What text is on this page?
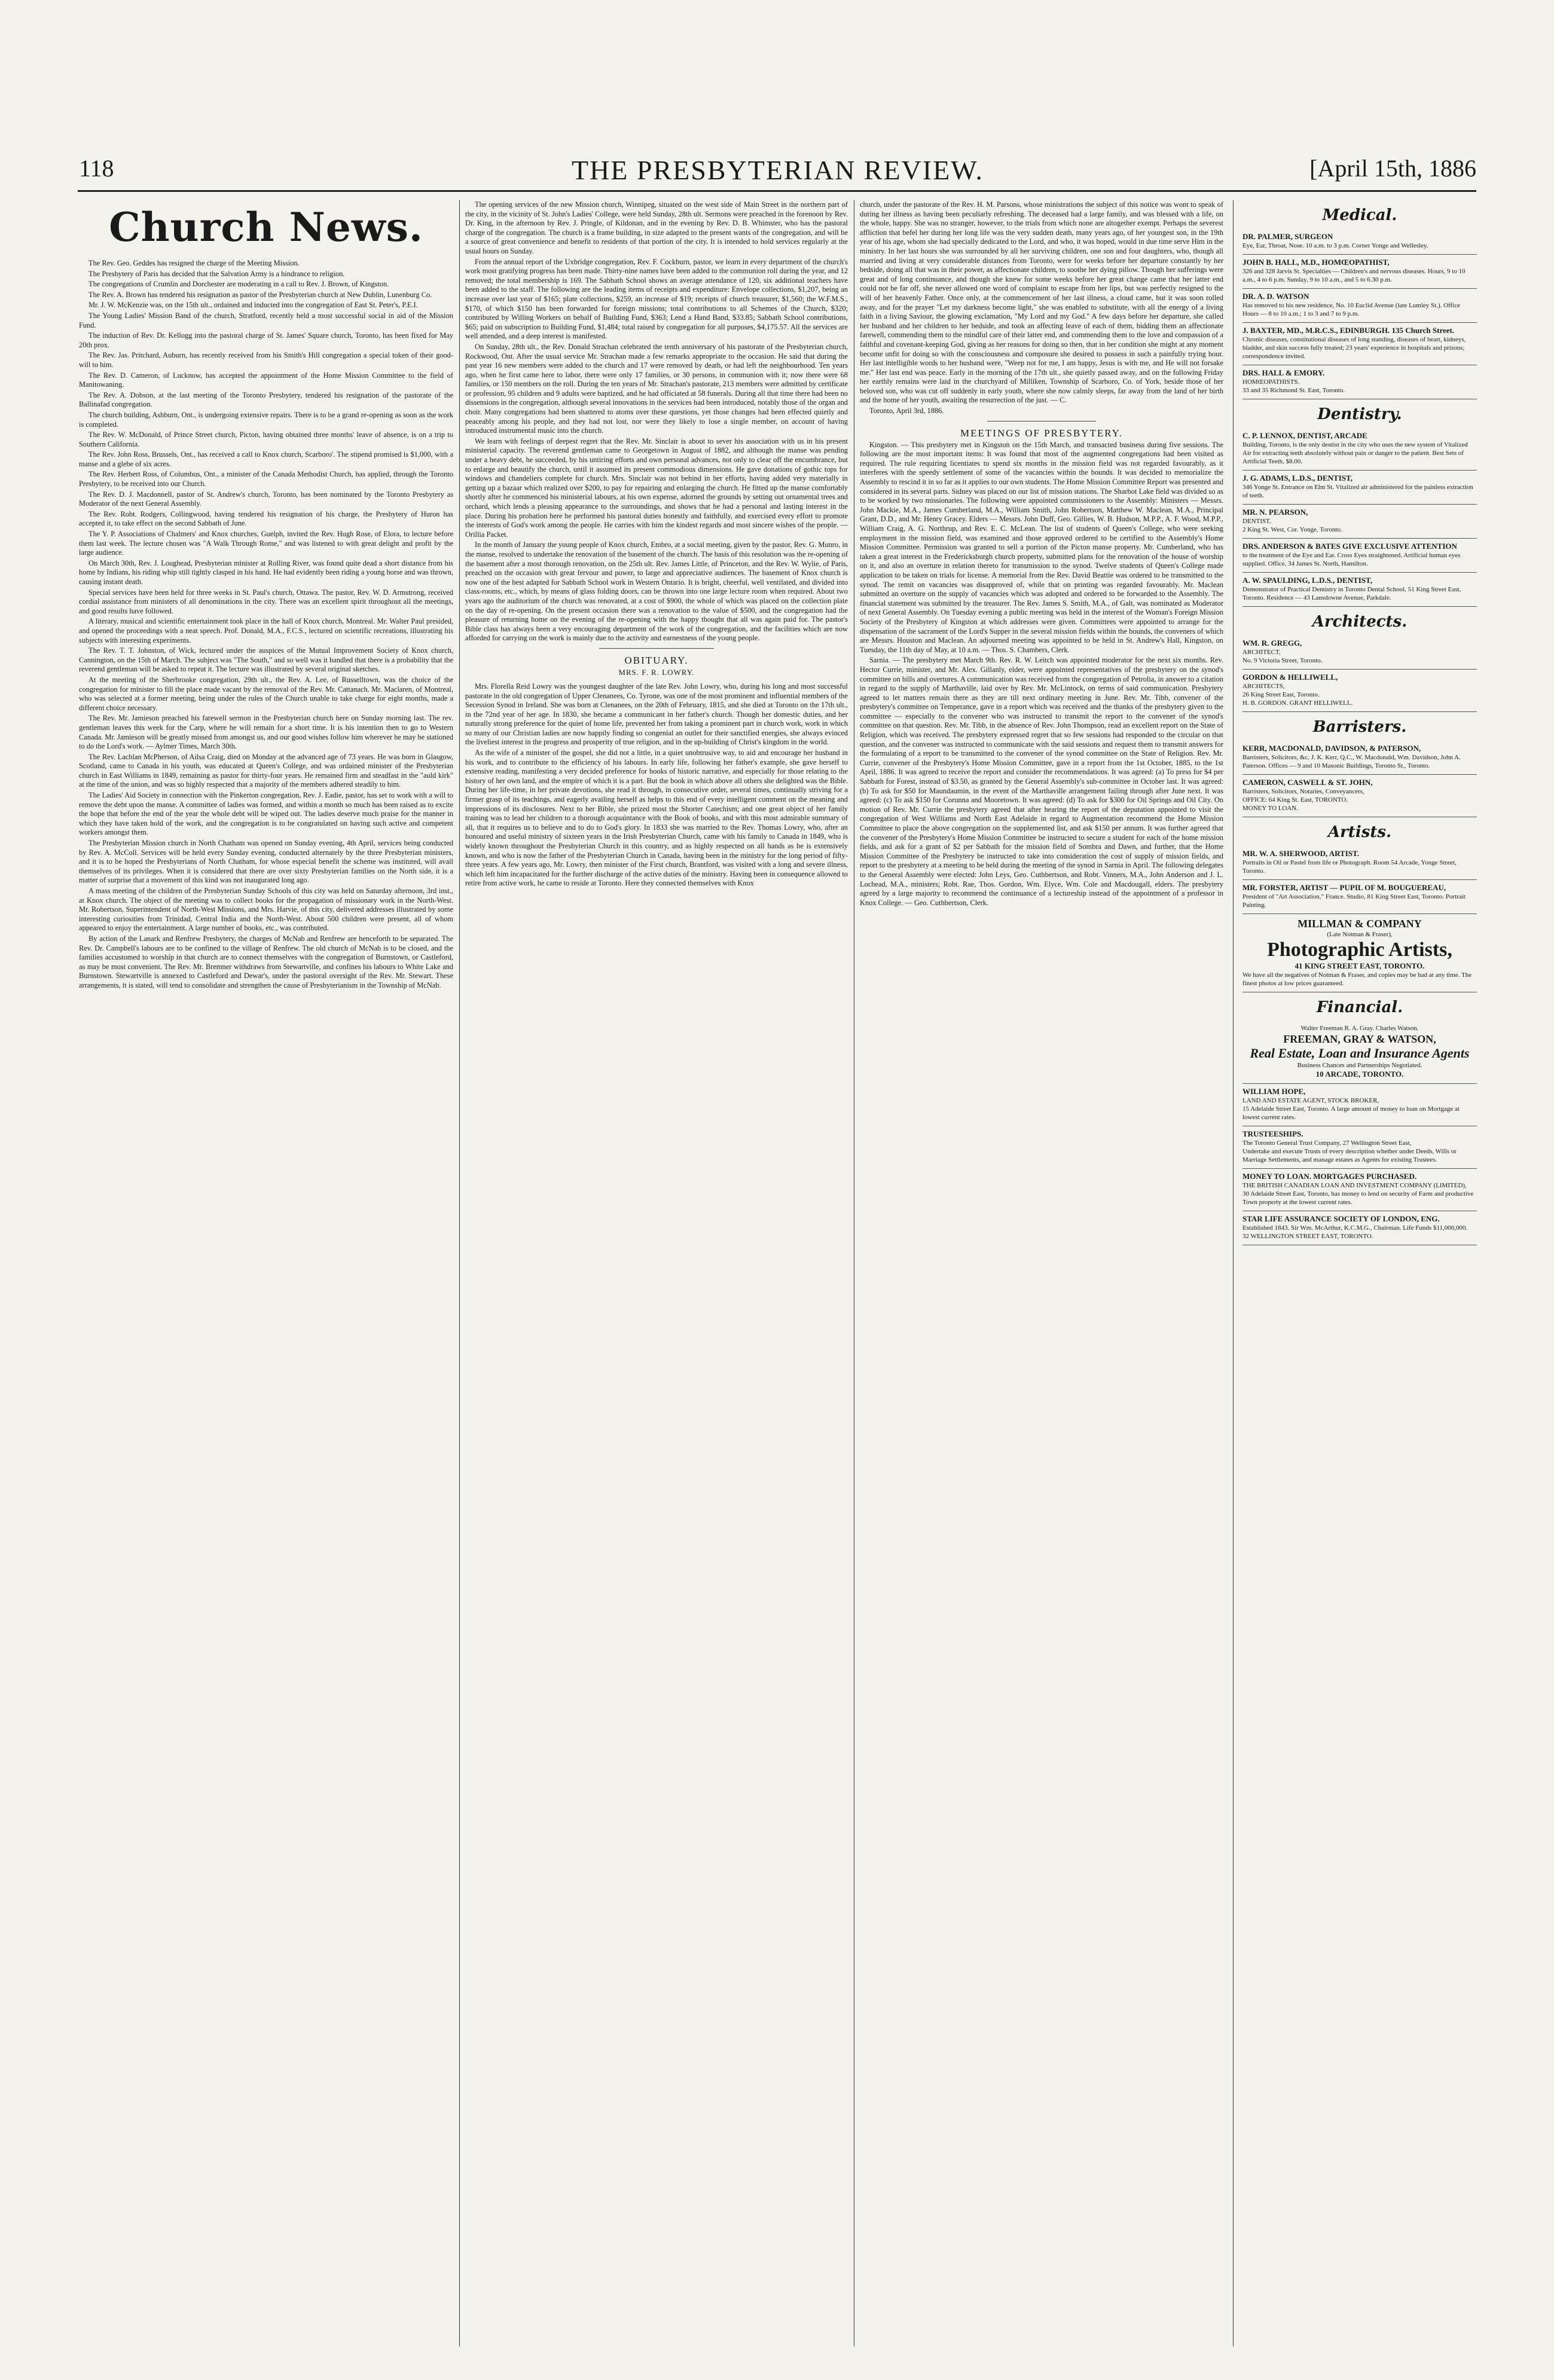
118	THE PRESBYTERIAN REVIEW.	[April 15th, 1886
Church News.

The Rev. Geo. Geddes has resigned the charge of the Meeting Mission.

The Presbytery of Paris has decided that the Salvation Army is a hindrance to religion.

The congregations of Crumlin and Dorchester are moderating in a call to Rev. J. Brown, of Kingston.

The Rev. A. Brown has tendered his resignation as pastor of the Presbyterian church at New Dublin, Lunenburg Co.

Mr. J. W. McKenzie was, on the 15th ult., ordained and inducted into the congregation of East St. Peter's, P.E.I.

The Young Ladies' Mission Band of the church, Stratford, recently held a most successful social in aid of the Mission Fund.

The induction of Rev. Dr. Kellogg into the pastoral charge of St. James' Square church, Toronto, has been fixed for May 20th prox.

The Rev. Jas. Pritchard, Auburn, has recently received from his Smith's Hill congregation a special token of their good-will to him.

The Rev. D. Cameron, of Lucknow, has accepted the appointment of the Home Mission Committee to the field of Manitowaning.

The Rev. A. Dobson, at the last meeting of the Toronto Presbytery, tendered his resignation of the pastorate of the Ballinafad congregation.

The church building, Ashburn, Ont., is undergoing extensive repairs. There is to be a grand re-opening as soon as the work is completed.

The Rev. W. McDonald, of Prince Street church, Picton, having obtained three months' leave of absence, is on a trip to Southern California.

The Rev. John Ross, Brussels, Ont., has received a call to Knox church, Scarboro'. The stipend promised is $1,000, with a manse and a glebe of six acres.

The Rev. Herbert Ross, of Columbus, Ont., a minister of the Canada Methodist Church, has applied, through the Toronto Presbytery, to be received into our Church.

The Rev. D. J. Macdonnell, pastor of St. Andrew's church, Toronto, has been nominated by the Toronto Presbytery as Moderator of the next General Assembly.

The Rev. Robt. Rodgers, Collingwood, having tendered his resignation of his charge, the Presbytery of Huron has accepted it, to take effect on the second Sabbath of June.

The Y. P. Associations of Chalmers' and Knox churches, Guelph, invited the Rev. Hugh Rose, of Elora, to lecture before them last week. The lecture chosen was "A Walk Through Rome," and was listened to with great delight and profit by the large audience.

On March 30th, Rev. J. Loughead, Presbyterian minister at Rolling River, was found quite dead a short distance from his home by Indians, his riding whip still tightly clasped in his hand. He had evidently been riding a young horse and was thrown, causing instant death.

Special services have been held for three weeks in St. Paul's church, Ottawa. The pastor, Rev. W. D. Armstrong, received cordial assistance from ministers of all denominations in the city. There was an excellent spirit throughout all the meetings, and good results have followed.

A literary, musical and scientific entertainment took place in the hall of Knox church, Montreal. Mr. Walter Paul presided, and opened the proceedings with a neat speech. Prof. Donald, M.A., F.C.S., lectured on scientific recreations, illustrating his subjects with interesting experiments.

The Rev. T. T. Johnston, of Wick, lectured under the auspices of the Mutual Improvement Society of Knox church, Cannington, on the 15th of March. The subject was "The South," and so well was it handled that there is a probability that the reverend gentleman will be asked to repeat it. The lecture was illustrated by several original sketches.

At the meeting of the Sherbrooke congregation, 29th ult., the Rev. A. Lee, of Russelltown, was the choice of the congregation for minister to fill the place made vacant by the removal of the Rev. Mr. Cattanach. Mr. Maclaren, of Montreal, who was selected at a former meeting, being under the rules of the Church unable to take charge for eight months, made a different choice necessary.

The Rev. Mr. Jamieson preached his farewell sermon in the Presbyterian church here on Sunday morning last. The rev. gentleman leaves this week for the Carp, where he will remain for a short time. It is his intention then to go to Western Canada. Mr. Jamieson will be greatly missed from amongst us, and our good wishes follow him wherever he may be stationed to do the Lord's work. — Aylmer Times, March 30th.

The Rev. Lachlan McPherson, of Ailsa Craig, died on Monday at the advanced age of 73 years. He was born in Glasgow, Scotland, came to Canada in his youth, was educated at Queen's College, and was ordained minister of the Presbyterian church in East Williams in 1849, remaining as pastor for thirty-four years. He remained firm and steadfast in the "auld kirk" at the time of the union, and was so highly respected that a majority of the members adhered steadily to him.

The Ladies' Aid Society in connection with the Pinkerton congregation, Rev. J. Eadie, pastor, has set to work with a will to remove the debt upon the manse. A committee of ladies was formed, and within a month so much has been raised as to excite the hope that before the end of the year the whole debt will be wiped out. The ladies deserve much praise for the manner in which they have taken hold of the work, and the congregation is to be congratulated on having such active and competent workers amongst them.

The Presbyterian Mission church in North Chatham was opened on Sunday evening, 4th April, services being conducted by Rev. A. McColl. Services will be held every Sunday evening, conducted alternately by the three Presbyterian ministers, and it is to be hoped the Presbyterians of North Chatham, for whose especial benefit the scheme was instituted, will avail themselves of its privileges. When it is considered that there are over sixty Presbyterian families on the North side, it is a matter of surprise that a movement of this kind was not inaugurated long ago.

A mass meeting of the children of the Presbyterian Sunday Schools of this city was held on Saturday afternoon, 3rd inst., at Knox church. The object of the meeting was to collect books for the propagation of missionary work in the North-West. Mr. Robertson, Superintendent of North-West Missions, and Mrs. Harvie, of this city, delivered addresses illustrated by some interesting curiosities from Trinidad, Central India and the North-West. About 500 children were present, all of whom appeared to enjoy the entertainment. A large number of books, etc., was contributed.

By action of the Lanark and Renfrew Presbytery, the charges of McNab and Renfrew are henceforth to be separated. The Rev. Dr. Campbell's labours are to be confined to the village of Renfrew. The old church of McNab is to be closed, and the families accustomed to worship in that church are to connect themselves with the congregation of Burnstown, or Castleford, as may be most convenient. The Rev. Mr. Bremner withdraws from Stewartville, and confines his labours to White Lake and Burnstown. Stewartville is annexed to Castleford and Dewar's, under the pastoral oversight of the Rev. Mr. Stewart. These arrangements, it is stated, will tend to consolidate and strengthen the cause of Presbyterianism in the Township of McNab.

The opening services of the new Mission church, Winnipeg, situated on the west side of Main Street in the northern part of the city, in the vicinity of St. John's Ladies' College, were held Sunday, 28th ult. Sermons were preached in the forenoon by Rev. Dr. King, in the afternoon by Rev. J. Pringle, of Kildonan, and in the evening by Rev. D. B. Whimster, who has the pastoral charge of the congregation. The church is a frame building, in size adapted to the present wants of the congregation, and will be a source of great convenience and benefit to residents of that portion of the city. It is intended to hold services regularly at the usual hours on Sunday.

From the annual report of the Uxbridge congregation, Rev. F. Cockburn, pastor, we learn in every department of the church's work most gratifying progress has been made. Thirty-nine names have been added to the communion roll during the year, and 12 removed; the total membership is 169. The Sabbath School shows an average attendance of 120, six additional teachers have been added to the staff. The following are the leading items of receipts and expenditure: Envelope collections, $1,207, being an increase over last year of $165; plate collections, $259, an increase of $19; receipts of church treasurer, $1,560; the W.F.M.S., $170, of which $150 has been forwarded for foreign missions; total contributions to all Schemes of the Church, $320; contributed by Willing Workers on behalf of Building Fund, $363; Lend a Hand Band, $33.85; Sabbath School contributions, $65; paid on subscription to Building Fund, $1,484; total raised by congregation for all purposes, $4,175.57. All the services are well attended, and a deep interest is manifested.

On Sunday, 28th ult., the Rev. Donald Strachan celebrated the tenth anniversary of his pastorate of the Presbyterian church, Rockwood, Ont. After the usual service Mr. Strachan made a few remarks appropriate to the occasion. He said that during the past year 16 new members were added to the church and 17 were removed by death, or had left the neighbourhood. Ten years ago, when he first came here to labor, there were only 17 families, or 30 persons, in communion with it; now there were 68 families, or 150 members on the roll. During the ten years of Mr. Strachan's pastorate, 213 members were admitted by certificate or profession, 95 children and 9 adults were baptized, and he had officiated at 58 funerals. During all that time there had been no dissensions in the congregation, although several innovations in the services had been introduced, notably those of the organ and choir. Many congregations had been shattered to atoms over these questions, yet those changes had been effected quietly and peaceably among his people, and they had not lost, nor were they likely to lose a single member, on account of having introduced instrumental music into the church.

We learn with feelings of deepest regret that the Rev. Mr. Sinclair is about to sever his association with us in his present ministerial capacity. The reverend gentleman came to Georgetown in August of 1882, and although the manse was pending under a heavy debt, he succeeded, by his untiring efforts and own personal advances, not only to clear off the encumbrance, but to enlarge and beautify the church, until it assumed its present commodious dimensions. He gave donations of gothic tops for windows and chandeliers complete for church. Mrs. Sinclair was not behind in her efforts, having added very materially in getting up a bazaar which realized over $200, to pay for repairing and enlarging the church. He fitted up the manse comfortably shortly after he commenced his ministerial labours, at his own expense, adorned the grounds by setting out ornamental trees and orchard, which lends a pleasing appearance to the surroundings, and shows that he had a personal and lasting interest in the place. During his probation here he performed his pastoral duties honestly and faithfully, and exercised every effort to promote the interests of God's work among the people. He carries with him the kindest regards and most sincere wishes of the people. — Orillia Packet.

In the month of January the young people of Knox church, Embro, at a social meeting, given by the pastor, Rev. G. Munro, in the manse, resolved to undertake the renovation of the basement of the church. The basis of this resolution was the re-opening of the basement after a most thorough renovation, on the 25th ult. Rev. James Little, of Princeton, and the Rev. W. Wylie, of Paris, preached on the occasion with great fervour and power, to large and appreciative audiences. The basement of Knox church is now one of the best adapted for Sabbath School work in Western Ontario. It is bright, cheerful, well ventilated, and divided into class-rooms, etc., which, by means of glass folding doors, can be thrown into one large lecture room when required. About two years ago the auditorium of the church was renovated, at a cost of $900, the whole of which was placed on the collection plate on the day of re-opening. On the present occasion there was a renovation to the value of $500, and the congregation had the pleasure of returning home on the evening of the re-opening with the happy thought that all was again paid for. The pastor's Bible class has always been a very encouraging department of the work of the congregation, and the facilities which are now afforded for carrying on the work is mainly due to the activity and earnestness of the young people.

OBITUARY.
MRS. F. R. LOWRY.

Mrs. Florella Reid Lowry was the youngest daughter of the late Rev. John Lowry, who, during his long and most successful pastorate in the old congregation of Upper Clenanees, Co. Tyrone, was one of the most prominent and influential members of the Secession Synod in Ireland. She was born at Clenanees, on the 20th of February, 1815, and she died at Toronto on the 17th ult., in the 72nd year of her age. In 1830, she became a communicant in her father's church. Though her domestic duties, and her naturally strong preference for the quiet of home life, prevented her from taking a prominent part in church work, work in which so many of our Christian ladies are now happily finding so congenial an outlet for their sanctified energies, she always evinced the liveliest interest in the progress and prosperity of true religion, and in the up-building of Christ's kingdom in the world.

As the wife of a minister of the gospel, she did not a little, in a quiet unobtrusive way, to aid and encourage her husband in his work, and to contribute to the efficiency of his labours. In early life, following her father's example, she gave herself to extensive reading, manifesting a very decided preference for books of historic narrative, and especially for those relating to the history of her own land, and the empire of which it is a part. But the book in which above all others she delighted was the Bible. During her life-time, in her private devotions, she read it through, in consecutive order, several times, continually striving for a firmer grasp of its teachings, and eagerly availing herself as helps to this end of every intelligent comment on the meaning and impressions of its disclosures. Next to her Bible, she prized most the Shorter Catechism; and one great object of her family training was to lead her children to a thorough acquaintance with the Book of books, and with this most admirable summary of all, that it requires us to believe and to do to God's glory. In 1833 she was married to the Rev. Thomas Lowry, who, after an honoured and useful ministry of sixteen years in the Irish Presbyterian Church, came with his family to Canada in 1849, who is widely known throughout the Presbyterian Church in this country, and as highly respected on all hands as he is extensively known, and who is now the father of the Presbyterian Church in Canada, having been in the ministry for the long period of fifty-three years. A few years ago, Mr. Lowry, then minister of the First church, Brantford, was visited with a long and severe illness, which left him incapacitated for the further discharge of the active duties of the ministry. Having been in consequence allowed to retire from active work, he came to reside at Toronto. Here they connected themselves with Knox

church, under the pastorate of the Rev. H. M. Parsons, whose ministrations the subject of this notice was wont to speak of during her illness as having been peculiarly refreshing. The deceased had a large family, and was blessed with a life, on the whole, happy. She was no stranger, however, to the trials from which none are altogether exempt. Perhaps the severest affliction that befel her during her long life was the very sudden death, many years ago, of her youngest son, in the 19th year of his age, whom she had specially dedicated to the Lord, and who, it was hoped, would in due time serve Him in the ministry. In her last hours she was surrounded by all her surviving children, one son and four daughters, who, though all married and living at very considerable distances from Toronto, were for weeks before her departure constantly by her bedside, doing all that was in their power, as affectionate children, to soothe her dying pillow. Though her sufferings were great and of long continuance, and though she knew for some weeks before her great change came that her latter end could not be far off, she never allowed one word of complaint to escape from her lips, but was perfectly resigned to the will of her heavenly Father. Once only, at the commencement of her last illness, a cloud came, but it was soon rolled away, and for the prayer "Let my darkness become light," she was enabled to substitute, with all the energy of a living faith in a living Saviour, the glowing exclamation, "My Lord and my God." A few days before her departure, she called her husband and her children to her bedside, and took an affecting leave of each of them, bidding them an affectionate farewell, commending them to the mindful care of their latter end, and commending them to the love and compassion of a faithful and covenant-keeping God, giving as her reasons for doing so then, that in her condition she might at any moment become unfit for doing so with the consciousness and composure she desired to possess in such a painfully trying hour. Her last intelligible words to her husband were, "Weep not for me, I am happy, Jesus is with me, and He will not forsake me." Her last end was peace. Early in the morning of the 17th ult., she quietly passed away, and on the following Friday her earthly remains were laid in the churchyard of Milliken, Township of Scarboro, Co. of York, beside those of her beloved son, who was cut off suddenly in early youth, where she now calmly sleeps, far away from the land of her birth and the home of her youth, awaiting the resurrection of the just. — C.

Toronto, April 3rd, 1886.

MEETINGS OF PRESBYTERY.

Kingston. — This presbytery met in Kingston on the 15th March, and transacted business during five sessions. The following are the most important items: It was found that most of the augmented congregations had been visited as required. The rule requiring licentiates to spend six months in the mission field was not regarded favourably, as it interferes with the speedy settlement of some of the vacancies within the bounds. It was decided to memorialize the Assembly to rescind it in so far as it applies to our own students. The Home Mission Committee Report was presented and considered in its several parts. Sidney was placed on our list of mission stations. The Sharbot Lake field was divided so as to be worked by two missionaries. The following were appointed commissioners to the Assembly: Ministers — Messrs. John Mackie, M.A., James Cumberland, M.A., William Smith, John Robertson, Matthew W. Maclean, M.A., Principal Grant, D.D., and Mr. Henry Gracey. Elders — Messrs. John Duff, Geo. Gillies, W. B. Hudson, M.P.P., A. F. Wood, M.P.P., William Craig, A. G. Northrup, and Rev. E. C. McLean. The list of students of Queen's College, who were seeking employment in the mission field, was examined and those approved ordered to be certified to the Assembly's Home Mission Committee. Permission was granted to sell a portion of the Picton manse property. Mr. Cumberland, who has taken a great interest in the Fredericksburgh church property, submitted plans for the renovation of the house of worship on it, and also an overture in relation thereto for transmission to the synod. Twelve students of Queen's College made application to be taken on trials for license. A memorial from the Rev. David Beattie was ordered to be transmitted to the synod. The remit on vacancies was disapproved of, while that on printing was regarded favourably. Mr. Maclean submitted an overture on the supply of vacancies which was adopted and ordered to be forwarded to the Assembly. The financial statement was submitted by the treasurer. The Rev. James S. Smith, M.A., of Galt, was nominated as Moderator of next General Assembly. On Tuesday evening a public meeting was held in the interest of the Woman's Foreign Mission Society of the Presbytery of Kingston at which addresses were given. Committees were appointed to arrange for the dispensation of the sacrament of the Lord's Supper in the several mission fields within the bounds, the conveners of which are Messrs. Houston and Maclean. An adjourned meeting was appointed to be held in St. Andrew's Hall, Kingston, on Tuesday, the 11th day of May, at 10 a.m. — Thos. S. Chambers, Clerk.

Sarnia. — The presbytery met March 9th. Rev. R. W. Leitch was appointed moderator for the next six months. Rev. Hector Currie, minister, and Mr. Alex. Gillanly, elder, were appointed representatives of the presbytery on the synod's committee on bills and overtures. A communication was received from the congregation of Petrolia, in answer to a citation in regard to the supply of Marthaville, laid over by Rev. Mr. McLintock, on terms of said communication. Presbytery agreed to let matters remain there as they are till next ordinary meeting in June. Rev. Mr. Tibb, convener of the presbytery's committee on Temperance, gave in a report which was received and the thanks of the presbytery given to the committee — especially to the convener who was instructed to transmit the report to the convener of the synod's committee on that question. Rev. Mr. Tibb, in the absence of Rev. John Thompson, read an excellent report on the State of Religion, which was received. The presbytery expressed regret that so few sessions had responded to the circular on that question, and the convener was instructed to communicate with the said sessions and request them to transmit answers for the formulating of a report to be transmitted to the convener of the synod committee on the State of Religion. Rev. Mr. Currie, convener of the Presbytery's Home Mission Committee, gave in a report from the 1st October, 1885, to the 1st April, 1886. It was agreed to receive the report and consider the recommendations. It was agreed: (a) To press for $4 per Sabbath for Forest, instead of $3.50, as granted by the General Assembly's sub-committee in October last. It was agreed: (b) To ask for $50 for Maundaumin, in the event of the Marthaville arrangement failing through after June next. It was agreed: (c) To ask $150 for Corunna and Mooretown. It was agreed: (d) To ask for $300 for Oil Springs and Oil City. On motion of Rev. Mr. Currie the presbytery agreed that after hearing the report of the deputation appointed to visit the congregation of West Williams and North East Adelaide in regard to Augmentation recommend the Home Mission Committee to place the above congregation on the supplemented list, and ask $150 per annum. It was further agreed that the convener of the Presbytery's Home Mission Committee be instructed to secure a student for each of the home mission fields, and ask for a grant of $2 per Sabbath for the mission field of Sombra and Dawn, and further, that the Home Mission Committee of the Presbytery be instructed to take into consideration the cost of supply of mission fields, and report to the presbytery at a meeting to be held during the meeting of the synod in Sarnia in April. The following delegates to the General Assembly were elected: John Leys, Geo. Cuthbertson, and Robt. Vinners, M.A., John Anderson and J. L. Lochead, M.A., ministers; Robt. Rae, Thos. Gordon, Wm. Elyce, Wm. Cole and Macdougall, elders. The presbytery agreed by a large majority to recommend the continuance of a lectureship instead of the appointment of a professor in Knox College. — Geo. Cuthbertson, Clerk.

Medical.
DR. PALMER, SURGEON
Eye, Ear, Throat, Nose. 10 a.m. to 3 p.m. Corner Yonge and Wellesley.
JOHN B. HALL, M.D., HOMŒOPATHIST,
326 and 328 Jarvis St. Specialties — Children's and nervous diseases. Hours, 9 to 10 a.m., 4 to 6 p.m. Sunday, 9 to 10 a.m., and 5 to 6.30 p.m.
DR. A. D. WATSON
Has removed to his new residence, No. 10 Euclid Avenue (late Lumley St.). Office Hours — 8 to 10 a.m.; 1 to 3 and 7 to 9 p.m.
J. BAXTER, MD., M.R.C.S., EDINBURGH. 135 Church Street.
Chronic diseases, constitutional diseases of long standing, diseases of heart, kidneys, bladder, and skin success fully treated; 23 years' experience in hospitals and prisons; correspondence invited.
DRS. HALL & EMORY.
HOMŒOPATHISTS.
33 and 35 Richmond St. East, Toronto.
Dentistry.
C. P. LENNOX, DENTIST, ARCADE
Building, Toronto, is the only dentist in the city who uses the new system of Vitalized Air for extracting teeth absolutely without pain or danger to the patient. Best Sets of Artificial Teeth, $8.00.
J. G. ADAMS, L.D.S., DENTIST,
346 Yonge St. Entrance on Elm St. Vitalized air administered for the painless extraction of teeth.
MR. N. PEARSON,
DENTIST.
2 King St. West, Cor. Yonge, Toronto.
DRS. ANDERSON & BATES GIVE EXCLUSIVE ATTENTION
to the treatment of the Eye and Ear. Cross Eyes straightened. Artificial human eyes supplied. Office, 34 James St. North, Hamilton.
A. W. SPAULDING, L.D.S., DENTIST,
Demonstrator of Practical Dentistry in Toronto Dental School, 51 King Street East, Toronto. Residence — 43 Lansdowne Avenue, Parkdale.
Architects.
WM. R. GREGG,
ARCHITECT,
No. 9 Victoria Street, Toronto.
GORDON & HELLIWELL,
ARCHITECTS,
26 King Street East, Toronto.
H. B. GORDON. GRANT HELLIWELL.
Barristers.
KERR, MACDONALD, DAVIDSON, & PATERSON,
Barristers, Solicitors, &c. J. K. Kerr, Q.C., W. Macdonald, Wm. Davidson, John A. Paterson. Offices — 9 and 10 Masonic Buildings, Toronto St., Toronto.
CAMERON, CASWELL & ST. JOHN,
Barristers, Solicitors, Notaries, Conveyancers,
OFFICE: 64 King St. East, TORONTO.
MONEY TO LOAN.
Artists.
MR. W. A. SHERWOOD, ARTIST.
Portraits in Oil or Pastel from life or Photograph. Room 54 Arcade, Yonge Street, Toronto.
MR. FORSTER, ARTIST — PUPIL OF M. BOUGUEREAU,
President of "Art Association," France. Studio, 81 King Street East, Toronto. Portrait Painting.
MILLMAN & COMPANY
(Late Notman & Fraser),
Photographic Artists,
41 KING STREET EAST, TORONTO.
We have all the negatives of Notman & Fraser, and copies may be had at any time. The finest photos at low prices guaranteed.
Financial.
Walter Freeman R. A. Gray. Charles Watson.
FREEMAN, GRAY & WATSON,
Real Estate, Loan and Insurance Agents
Business Chances and Partnerships Negotiated.
10 ARCADE, TORONTO.
WILLIAM HOPE,
LAND AND ESTATE AGENT, STOCK BROKER,
15 Adelaide Street East, Toronto. A large amount of money to loan on Mortgage at lowest current rates.
TRUSTEESHIPS.
The Toronto General Trust Company, 27 Wellington Street East,
Undertake and execute Trusts of every description whether under Deeds, Wills or Marriage Settlements, and manage estates as Agents for existing Trustees.
MONEY TO LOAN. MORTGAGES PURCHASED.
THE BRITISH CANADIAN LOAN AND INVESTMENT COMPANY (LIMITED),
30 Adelaide Street East, Toronto, has money to lend on security of Farm and productive Town property at the lowest current rates.
STAR LIFE ASSURANCE SOCIETY OF LONDON, ENG.
Established 1843. Sir Wm. McArthur, K.C.M.G., Chairman. Life Funds $11,000,000.
32 WELLINGTON STREET EAST, TORONTO.
